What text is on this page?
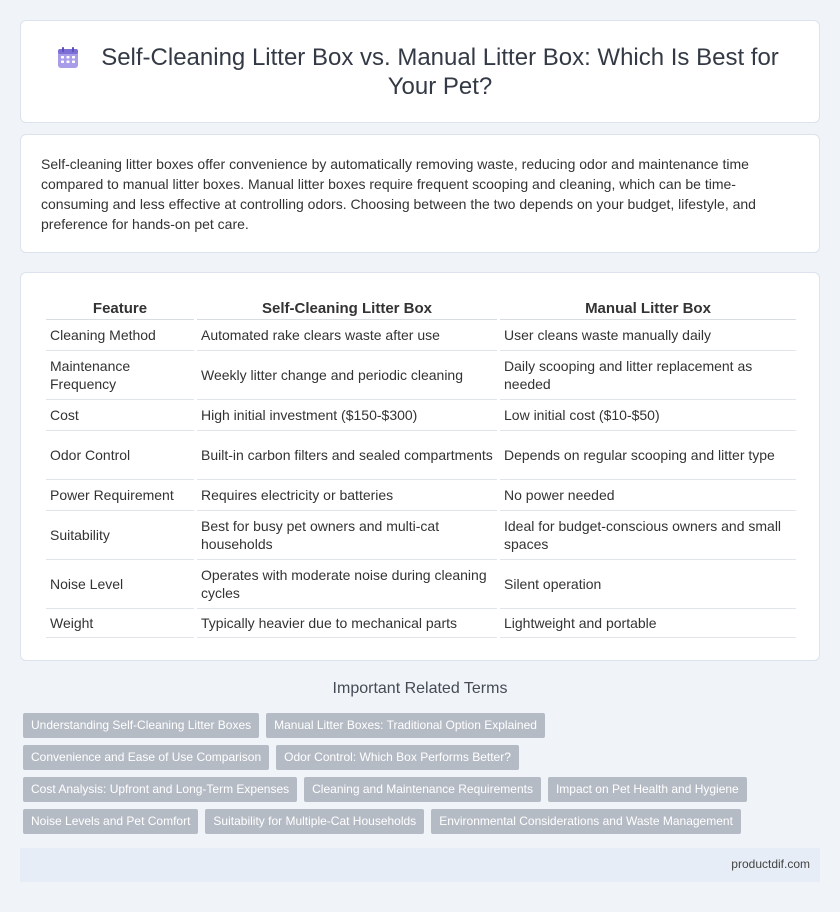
Self-Cleaning Litter Box vs. Manual Litter Box: Which Is Best for Your Pet?

Self-cleaning litter boxes offer convenience by automatically removing waste, reducing odor and maintenance time compared to manual litter boxes. Manual litter boxes require frequent scooping and cleaning, which can be time-consuming and less effective at controlling odors. Choosing between the two depends on your budget, lifestyle, and preference for hands-on pet care.

Feature	Self-Cleaning Litter Box	Manual Litter Box
Cleaning Method	Automated rake clears waste after use	User cleans waste manually daily
Maintenance Frequency	Weekly litter change and periodic cleaning	Daily scooping and litter replacement as needed
Cost	High initial investment ($150-$300)	Low initial cost ($10-$50)
Odor Control	Built-in carbon filters and sealed compartments	Depends on regular scooping and litter type
Power Requirement	Requires electricity or batteries	No power needed
Suitability	Best for busy pet owners and multi-cat households	Ideal for budget-conscious owners and small spaces
Noise Level	Operates with moderate noise during cleaning cycles	Silent operation
Weight	Typically heavier due to mechanical parts	Lightweight and portable
Important Related Terms
Understanding Self-Cleaning Litter Boxes	Manual Litter Boxes: Traditional Option Explained
Convenience and Ease of Use Comparison	Odor Control: Which Box Performs Better?
Cost Analysis: Upfront and Long-Term Expenses	Cleaning and Maintenance Requirements	Impact on Pet Health and Hygiene
Noise Levels and Pet Comfort	Suitability for Multiple-Cat Households	Environmental Considerations and Waste Management
productdif.com
